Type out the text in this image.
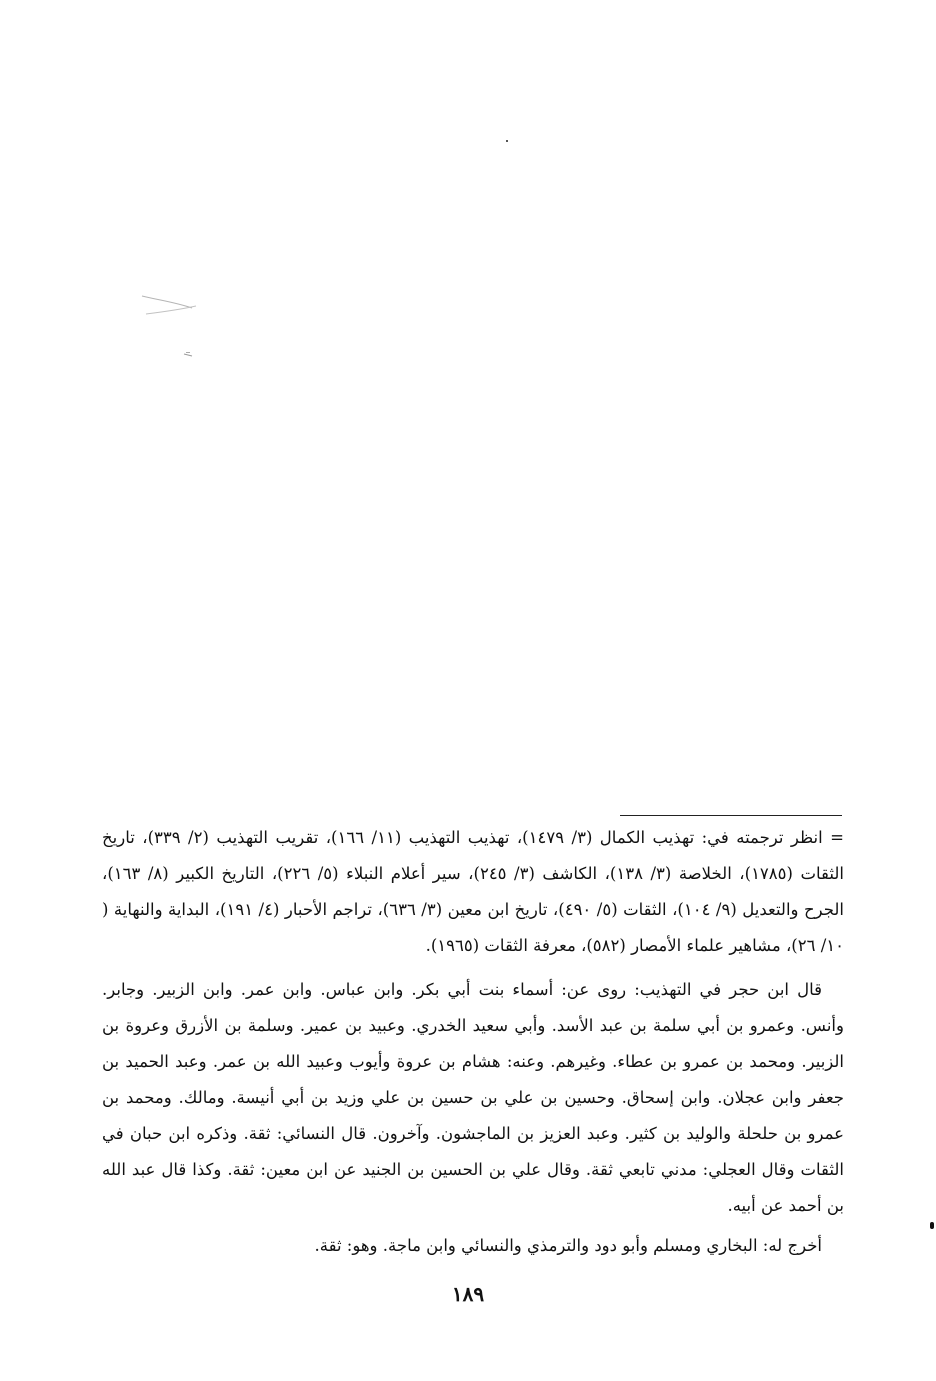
= انظر ترجمته في: تهذيب الكمال (٣/ ١٤٧٩)، تهذيب التهذيب (١١/ ١٦٦)، تقريب التهذيب (٢/ ٣٣٩)، تاريخ الثقات (١٧٨٥)، الخلاصة (٣/ ١٣٨)، الكاشف (٣/ ٢٤٥)، سير أعلام النبلاء (٥/ ٢٢٦)، التاريخ الكبير (٨/ ١٦٣)، الجرح والتعديل (٩/ ١٠٤)، الثقات (٥/ ٤٩٠)، تاريخ ابن معين (٣/ ٦٣٦)، تراجم الأحبار (٤/ ١٩١)، البداية والنهاية ( ١٠/ ٢٦)، مشاهير علماء الأمصار (٥٨٢)، معرفة الثقات (١٩٦٥).

قال ابن حجر في التهذيب: روى عن: أسماء بنت أبي بكر. وابن عباس. وابن عمر. وابن الزبير. وجابر. وأنس. وعمرو بن أبي سلمة بن عبد الأسد. وأبي سعيد الخدري. وعبيد بن عمير. وسلمة بن الأزرق وعروة بن الزبير. ومحمد بن عمرو بن عطاء. وغيرهم. وعنه: هشام بن عروة وأيوب وعبيد الله بن عمر. وعبد الحميد بن جعفر وابن عجلان. وابن إسحاق. وحسين بن علي بن حسين بن علي وزيد بن أبي أنيسة. ومالك. ومحمد بن عمرو بن حلحلة والوليد بن كثير. وعبد العزيز بن الماجشون. وآخرون. قال النسائي: ثقة. وذكره ابن حبان في الثقات وقال العجلي: مدني تابعي ثقة. وقال علي بن الحسين بن الجنيد عن ابن معين: ثقة. وكذا قال عبد الله بن أحمد عن أبيه.

أخرج له: البخاري ومسلم وأبو دود والترمذي والنسائي وابن ماجة. وهو: ثقة.

١٨٩
